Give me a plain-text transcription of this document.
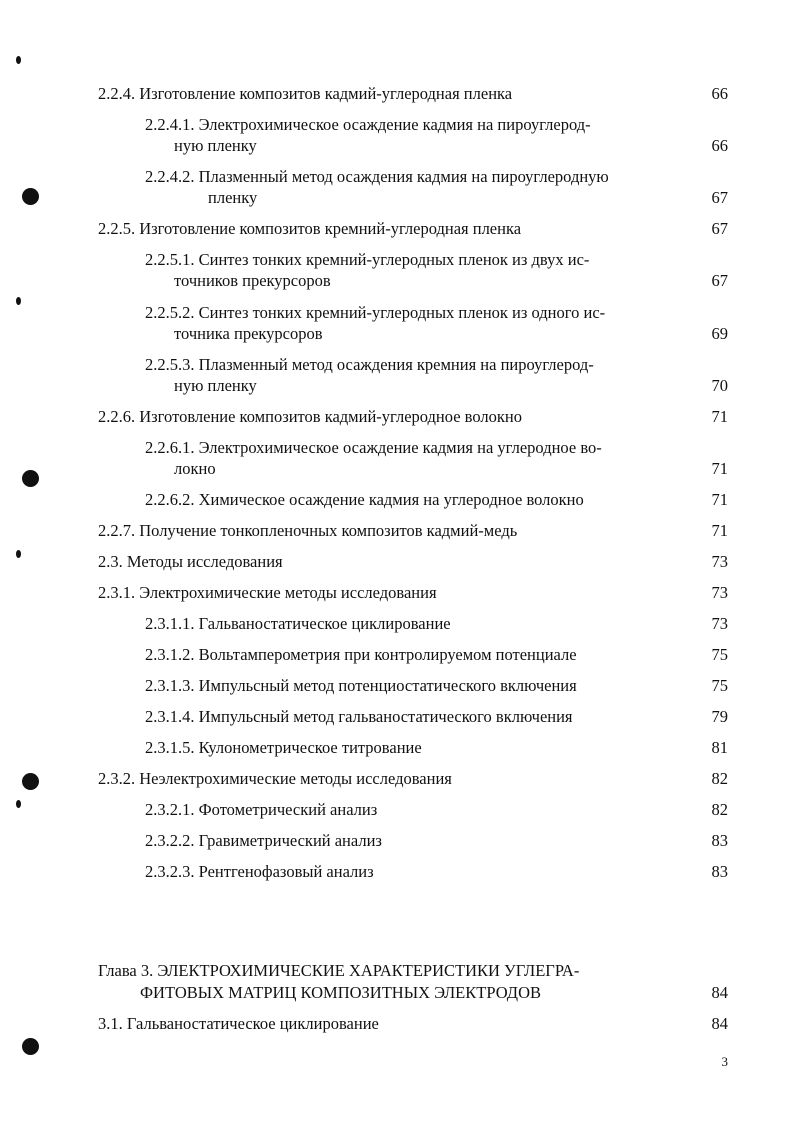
2.2.4. Изготовление композитов кадмий-углеродная пленка	66
2.2.4.1. Электрохимическое осаждение кадмия на пироуглерод-
ную пленку	66
2.2.4.2. Плазменный метод осаждения кадмия на пироуглеродную
пленку	67
2.2.5. Изготовление композитов кремний-углеродная пленка	67
2.2.5.1. Синтез тонких кремний-углеродных пленок из двух ис-
точников прекурсоров	67
2.2.5.2. Синтез тонких кремний-углеродных пленок из одного ис-
точника прекурсоров	69
2.2.5.3. Плазменный метод осаждения кремния на пироуглерод-
ную пленку	70
2.2.6. Изготовление композитов кадмий-углеродное волокно	71
2.2.6.1. Электрохимическое осаждение кадмия на углеродное во-
локно	71
2.2.6.2. Химическое осаждение кадмия на углеродное волокно	71
2.2.7. Получение тонкопленочных композитов кадмий-медь	71
2.3. Методы исследования	73
2.3.1. Электрохимические методы исследования	73
2.3.1.1. Гальваностатическое циклирование	73
2.3.1.2. Вольтамперометрия при контролируемом потенциале	75
2.3.1.3. Импульсный метод потенциостатического включения	75
2.3.1.4. Импульсный метод гальваностатического включения	79
2.3.1.5. Кулонометрическое титрование	81
2.3.2. Неэлектрохимические методы исследования	82
2.3.2.1. Фотометрический анализ	82
2.3.2.2. Гравиметрический анализ	83
2.3.2.3. Рентгенофазовый анализ	83
Глава 3. ЭЛЕКТРОХИМИЧЕСКИЕ ХАРАКТЕРИСТИКИ УГЛЕГРА-
ФИТОВЫХ МАТРИЦ КОМПОЗИТНЫХ ЭЛЕКТРОДОВ	84
3.1. Гальваностатическое циклирование	84
3
